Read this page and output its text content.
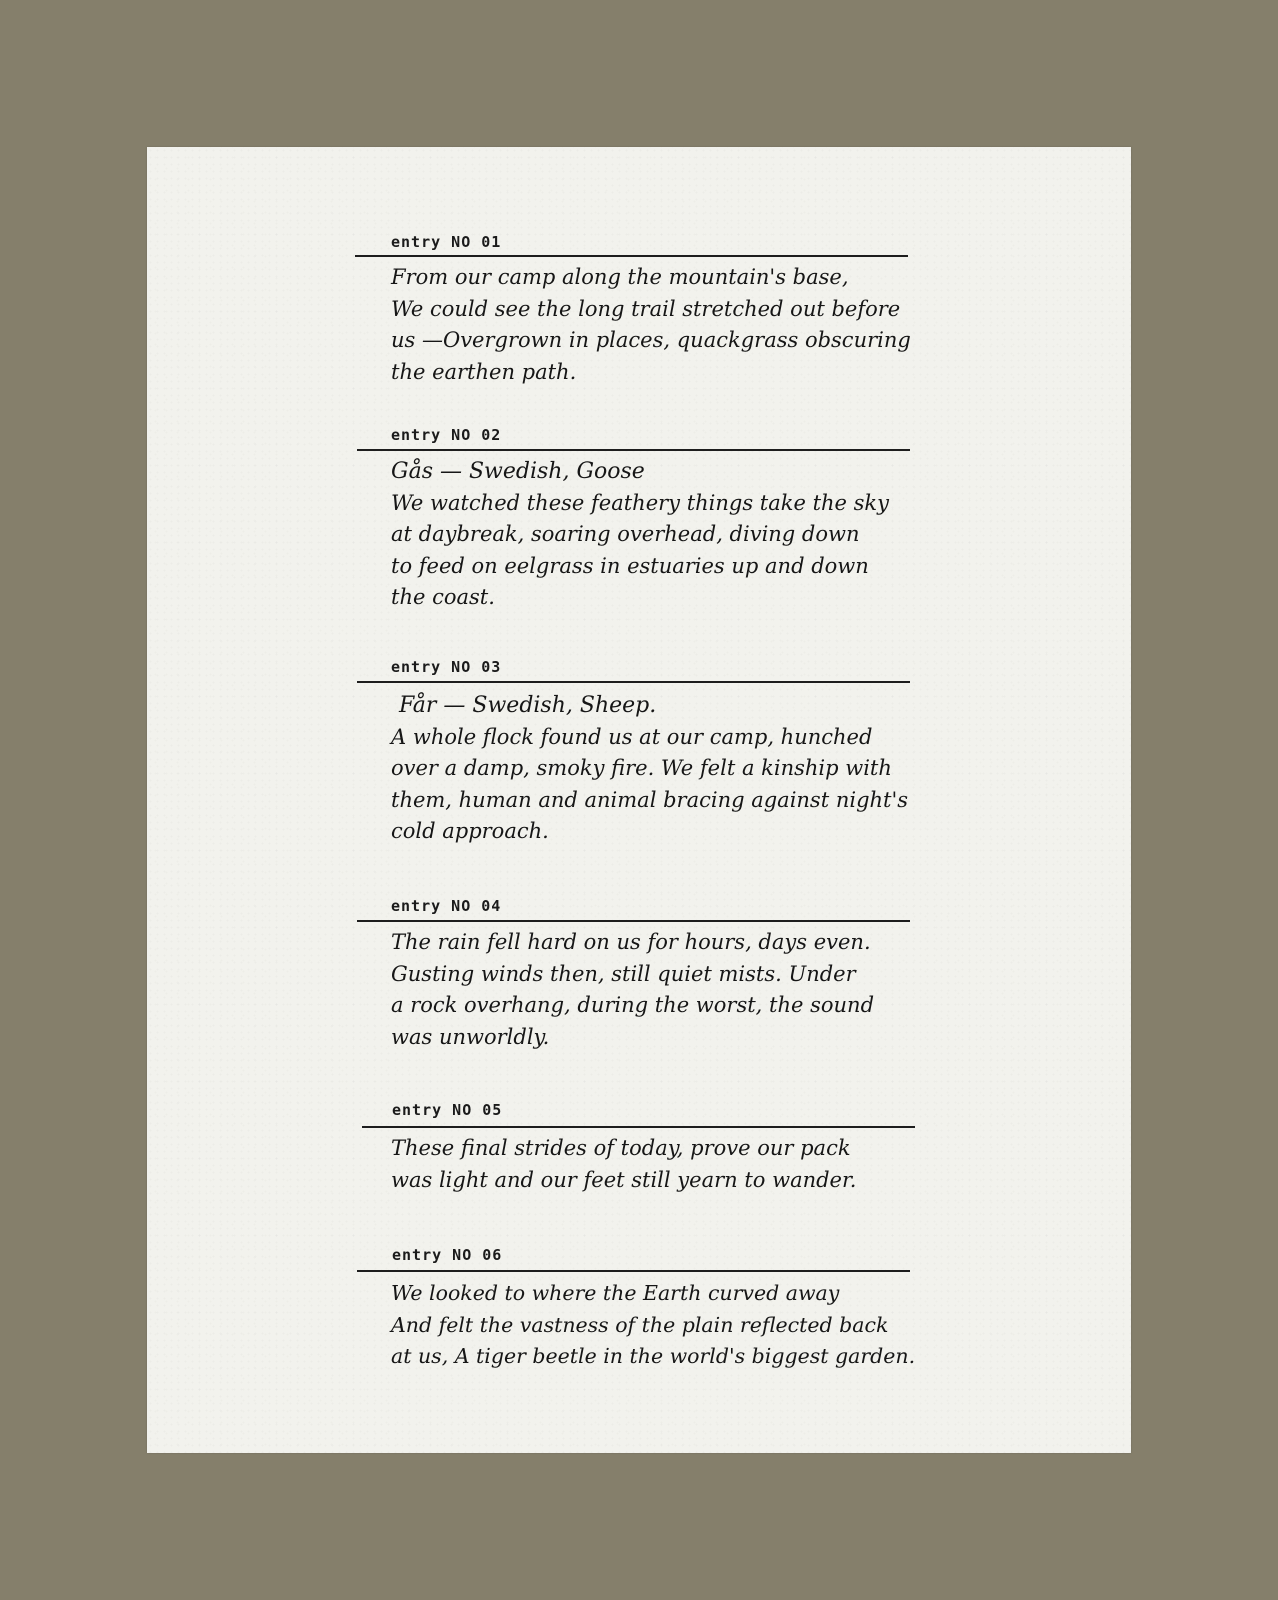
entry NO 01
From our camp along the mountain's base,
We could see the long trail stretched out before
us —Overgrown in places, quackgrass obscuring
the earthen path.
entry NO 02
Gås — Swedish, Goose
We watched these feathery things take the sky
at daybreak, soaring overhead, diving down
to feed on eelgrass in estuaries up and down
the coast.
entry NO 03
Får — Swedish, Sheep.
A whole flock found us at our camp, hunched
over a damp, smoky fire. We felt a kinship with
them, human and animal bracing against night's
cold approach.
entry NO 04
The rain fell hard on us for hours, days even.
Gusting winds then, still quiet mists. Under
a rock overhang, during the worst, the sound
was unworldly.
entry NO 05
These final strides of today, prove our pack
was light and our feet still yearn to wander.
entry NO 06
We looked to where the Earth curved away
And felt the vastness of the plain reflected back
at us, A tiger beetle in the world's biggest garden.
